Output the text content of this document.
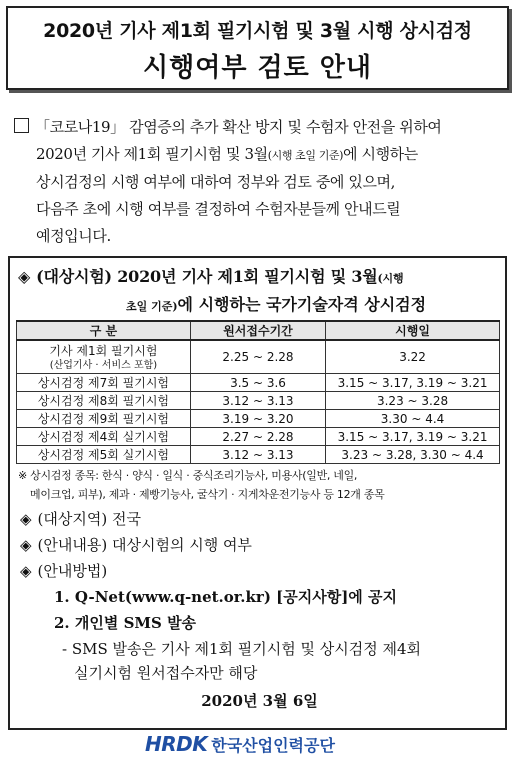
2020년 기사 제1회 필기시험 및 3월 시행 상시검정
시행여부 검토 안내
「코로나19」 감염증의 추가 확산 방지 및 수험자 안전을 위하여
2020년 기사 제1회 필기시험 및 3월(시행 초일 기준)에 시행하는
상시검정의 시행 여부에 대하여 정부와 검토 중에 있으며,
다음주 초에 시행 여부를 결정하여 수험자분들께 안내드릴
예정입니다.
◈ (대상시험) 2020년 기사 제1회 필기시험 및 3월(시행
초일 기준)에 시행하는 국가기술자격 상시검정
구 분	원서접수기간	시행일
기사 제1회 필기시험
(산업기사 · 서비스 포함)	2.25 ~ 2.28	3.22
상시검정 제7회 필기시험	3.5 ~ 3.6	3.15 ~ 3.17, 3.19 ~ 3.21
상시검정 제8회 필기시험	3.12 ~ 3.13	3.23 ~ 3.28
상시검정 제9회 필기시험	3.19 ~ 3.20	3.30 ~ 4.4
상시검정 제4회 실기시험	2.27 ~ 2.28	3.15 ~ 3.17, 3.19 ~ 3.21
상시검정 제5회 실기시험	3.12 ~ 3.13	3.23 ~ 3.28, 3.30 ~ 4.4
※ 상시검정 종목: 한식 · 양식 · 일식 · 중식조리기능사, 미용사(일반, 네일,
메이크업, 피부), 제과 · 제빵기능사, 굴삭기 · 지게차운전기능사 등 12개 종목
◈ (대상지역) 전국
◈ (안내내용) 대상시험의 시행 여부
◈ (안내방법)
1. Q-Net(www.q-net.or.kr) [공지사항]에 공지
2. 개인별 SMS 발송
- SMS 발송은 기사 제1회 필기시험 및 상시검정 제4회
실기시험 원서접수자만 해당
2020년 3월 6일
HRDK 한국산업인력공단
